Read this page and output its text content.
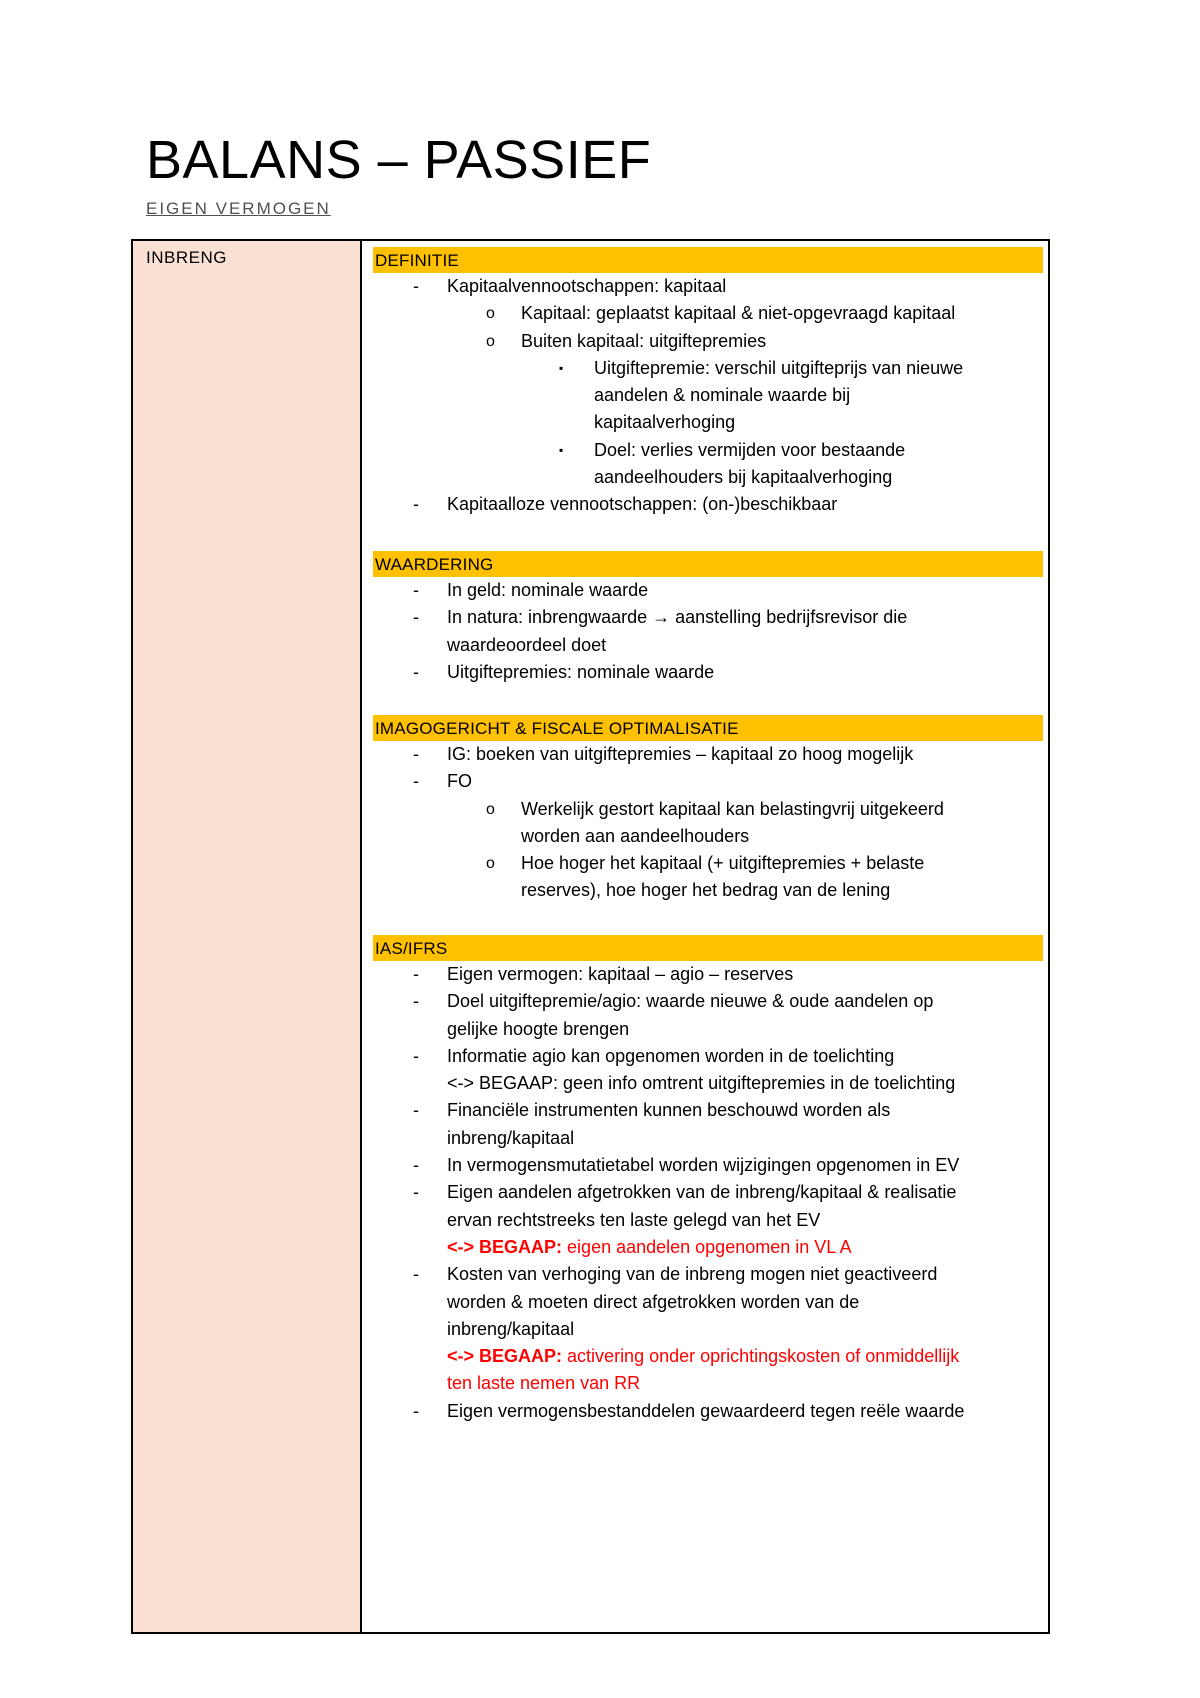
BALANS – PASSIEF
EIGEN VERMOGEN
INBRENG	DEFINITIE
- Kapitaalvennootschappen: kapitaal
o Kapitaal: geplaatst kapitaal & niet-opgevraagd kapitaal
o Buiten kapitaal: uitgiftepremies
▪ Uitgiftepremie: verschil uitgifteprijs van nieuwe
aandelen & nominale waarde bij
kapitaalverhoging
▪ Doel: verlies vermijden voor bestaande
aandeelhouders bij kapitaalverhoging
- Kapitaalloze vennootschappen: (on-)beschikbaar
WAARDERING
- In geld: nominale waarde
- In natura: inbrengwaarde → aanstelling bedrijfsrevisor die
waardeoordeel doet
- Uitgiftepremies: nominale waarde
IMAGOGERICHT & FISCALE OPTIMALISATIE
- IG: boeken van uitgiftepremies – kapitaal zo hoog mogelijk
- FO
o Werkelijk gestort kapitaal kan belastingvrij uitgekeerd
worden aan aandeelhouders
o Hoe hoger het kapitaal (+ uitgiftepremies + belaste
reserves), hoe hoger het bedrag van de lening
IAS/IFRS
- Eigen vermogen: kapitaal – agio – reserves
- Doel uitgiftepremie/agio: waarde nieuwe & oude aandelen op
gelijke hoogte brengen
- Informatie agio kan opgenomen worden in de toelichting
<-> BEGAAP: geen info omtrent uitgiftepremies in de toelichting
- Financiële instrumenten kunnen beschouwd worden als
inbreng/kapitaal
- In vermogensmutatietabel worden wijzigingen opgenomen in EV
- Eigen aandelen afgetrokken van de inbreng/kapitaal & realisatie
ervan rechtstreeks ten laste gelegd van het EV
<-> BEGAAP: eigen aandelen opgenomen in VL A
- Kosten van verhoging van de inbreng mogen niet geactiveerd
worden & moeten direct afgetrokken worden van de
inbreng/kapitaal
<-> BEGAAP: activering onder oprichtingskosten of onmiddellijk
ten laste nemen van RR
- Eigen vermogensbestanddelen gewaardeerd tegen reële waarde
